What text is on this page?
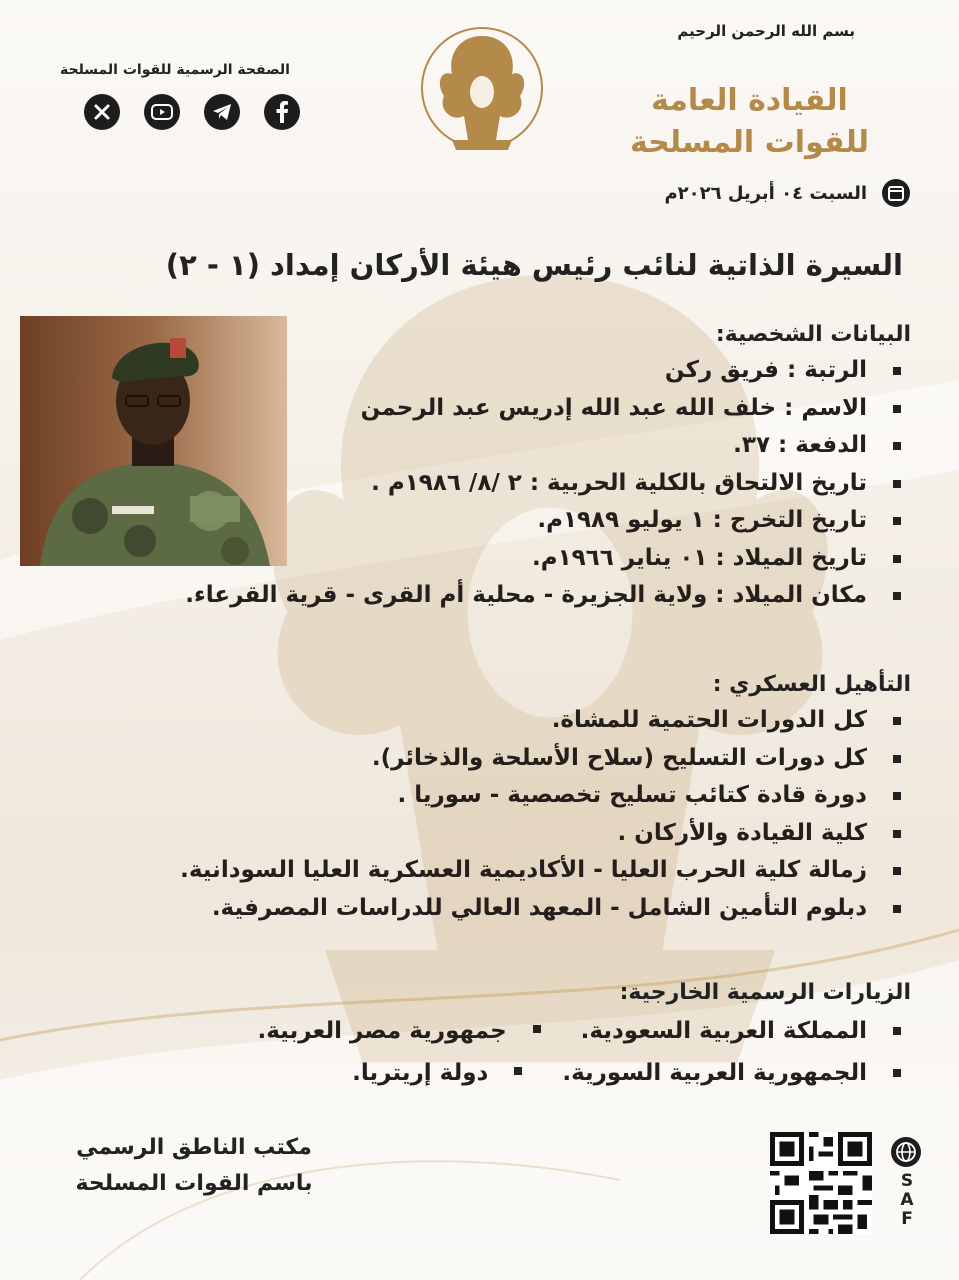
بسم الله الرحمن الرحيم
القيادة العامة
للقوات المسلحة
الصفحة الرسمية للقوات المسلحة
السبت ٠٤ أبريل ٢٠٢٦م
السيرة الذاتية لنائب رئيس هيئة الأركان إمداد (١ - ٢)
البيانات الشخصية:
الرتبة : فريق ركن
الاسم : خلف الله عبد الله إدريس عبد الرحمن
الدفعة : ٣٧.
تاريخ الالتحاق بالكلية الحربية : ٢ /٨/ ١٩٨٦م .
تاريخ التخرج : ١ يوليو ١٩٨٩م.
تاريخ الميلاد : ٠١ يناير ١٩٦٦م.
مكان الميلاد : ولاية الجزيرة - محلية أم القرى - قرية القرعاء.
التأهيل العسكري :
كل الدورات الحتمية للمشاة.
كل دورات التسليح (سلاح الأسلحة والذخائر).
دورة قادة كتائب تسليح تخصصية - سوريا .
كلية القيادة والأركان .
زمالة كلية الحرب العليا - الأكاديمية العسكرية العليا السودانية.
دبلوم التأمين الشامل - المعهد العالي للدراسات المصرفية.
الزيارات الرسمية الخارجية:
المملكة العربية السعودية.جمهورية مصر العربية.
الجمهورية العربية السورية.دولة إريتريا.
مكتب الناطق الرسمي
باسم القوات المسلحة	SAF
